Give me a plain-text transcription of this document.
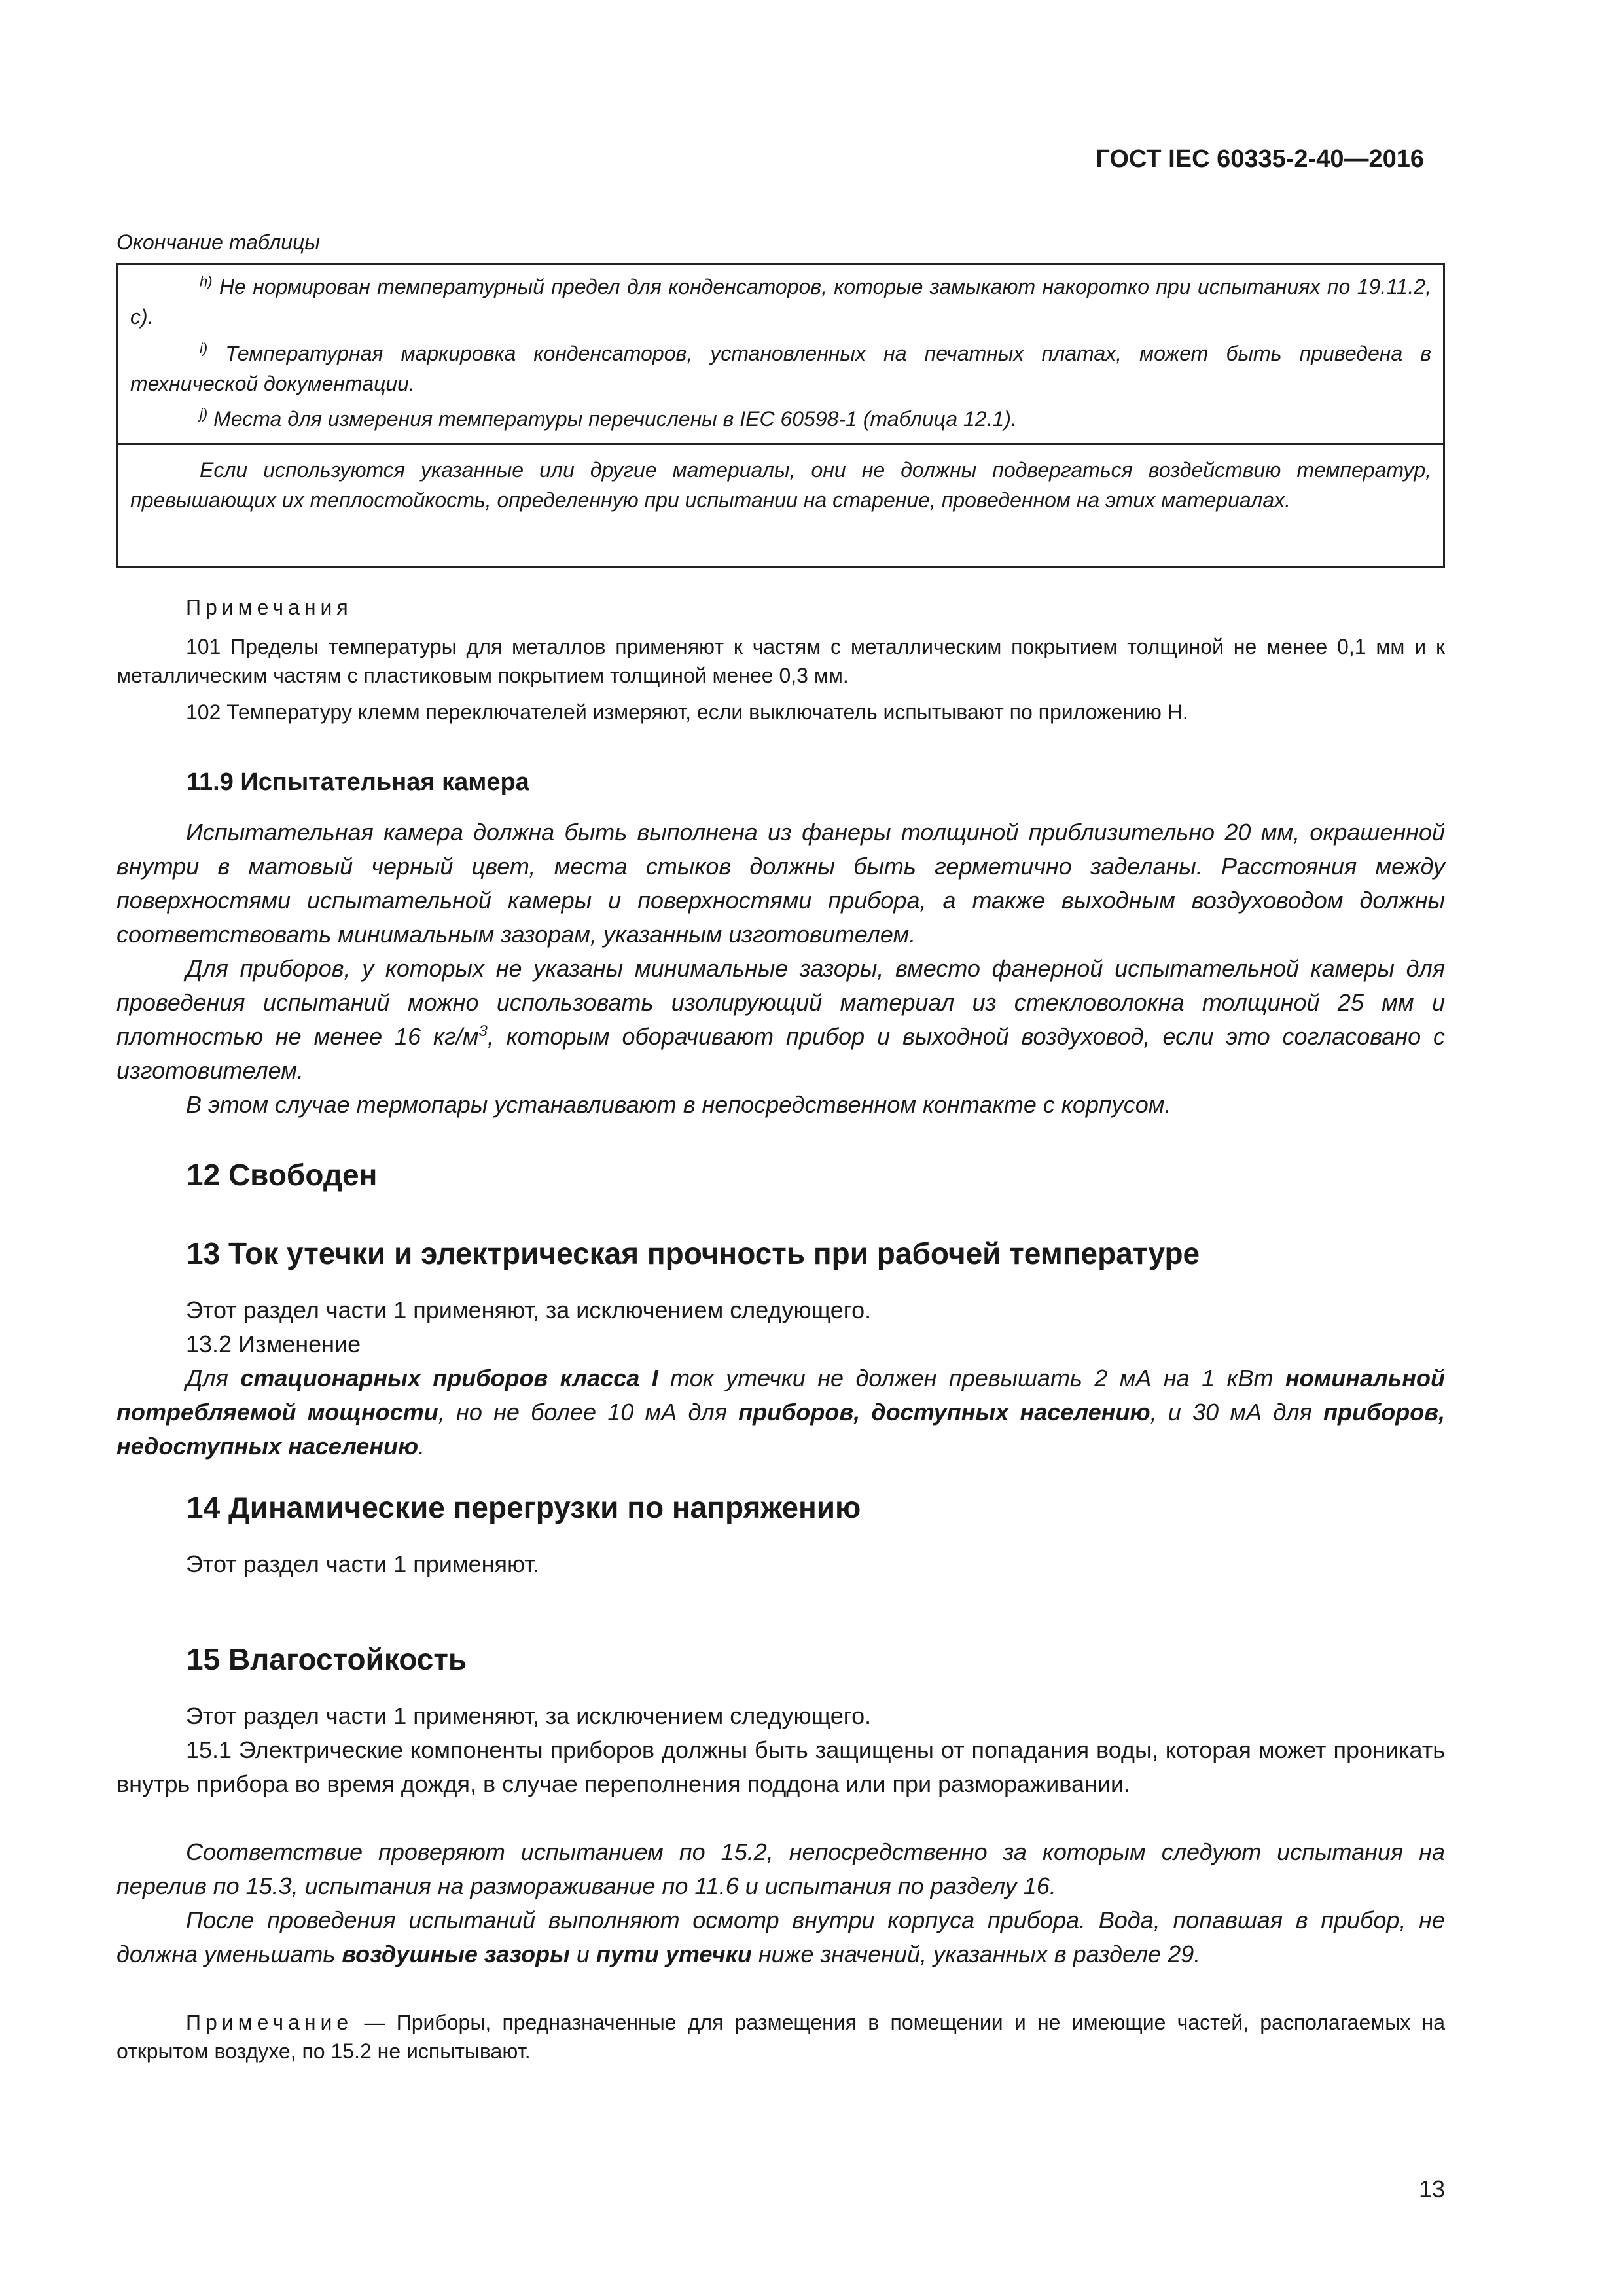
ГОСТ IEC 60335-2-40—2016
Окончание таблицы

$^{h)}$ Не нормирован температурный предел для конденсаторов, которые замыкают накоротко при испытаниях по 19.11.2, с).

$^{i)}$ Температурная маркировка конденсаторов, установленных на печатных платах, может быть приведена в технической документации.

$^{j)}$ Места для измерения температуры перечислены в IEC 60598-1 (таблица 12.1).

Если используются указанные или другие материалы, они не должны подвергаться воздействию температур, превышающих их теплостойкость, определенную при испытании на старение, проведенном на этих материалах.

Примечания

101 Пределы температуры для металлов применяют к частям с металлическим покрытием толщиной не менее 0,1 мм и к металлическим частям с пластиковым покрытием толщиной менее 0,3 мм.

102 Температуру клемм переключателей измеряют, если выключатель испытывают по приложению Н.

11.9 Испытательная камера

Испытательная камера должна быть выполнена из фанеры толщиной приблизительно 20 мм, окрашенной внутри в матовый черный цвет, места стыков должны быть герметично заделаны. Расстояния между поверхностями испытательной камеры и поверхностями прибора, а также выходным воздуховодом должны соответствовать минимальным зазорам, указанным изготовителем.

Для приборов, у которых не указаны минимальные зазоры, вместо фанерной испытательной камеры для проведения испытаний можно использовать изолирующий материал из стекловолокна толщиной 25 мм и плотностью не менее 16 $кг/м^3$, которым оборачивают прибор и выходной воздуховод, если это согласовано с изготовителем.

В этом случае термопары устанавливают в непосредственном контакте с корпусом.

12 Свободен
13 Ток утечки и электрическая прочность при рабочей температуре

Этот раздел части 1 применяют, за исключением следующего.

13.2 Изменение

Для стационарных приборов класса I ток утечки не должен превышать 2 мА на 1 кВт номинальной потребляемой мощности, но не более 10 мА для приборов, доступных населению, и 30 мА для приборов, недоступных населению.

14 Динамические перегрузки по напряжению

Этот раздел части 1 применяют.

15 Влагостойкость

Этот раздел части 1 применяют, за исключением следующего.

15.1 Электрические компоненты приборов должны быть защищены от попадания воды, которая может проникать внутрь прибора во время дождя, в случае переполнения поддона или при размораживании.

Соответствие проверяют испытанием по 15.2, непосредственно за которым следуют испытания на перелив по 15.3, испытания на размораживание по 11.6 и испытания по разделу 16.

После проведения испытаний выполняют осмотр внутри корпуса прибора. Вода, попавшая в прибор, не должна уменьшать воздушные зазоры и пути утечки ниже значений, указанных в разделе 29.

Примечание — Приборы, предназначенные для размещения в помещении и не имеющие частей, располагаемых на открытом воздухе, по 15.2 не испытывают.

13
